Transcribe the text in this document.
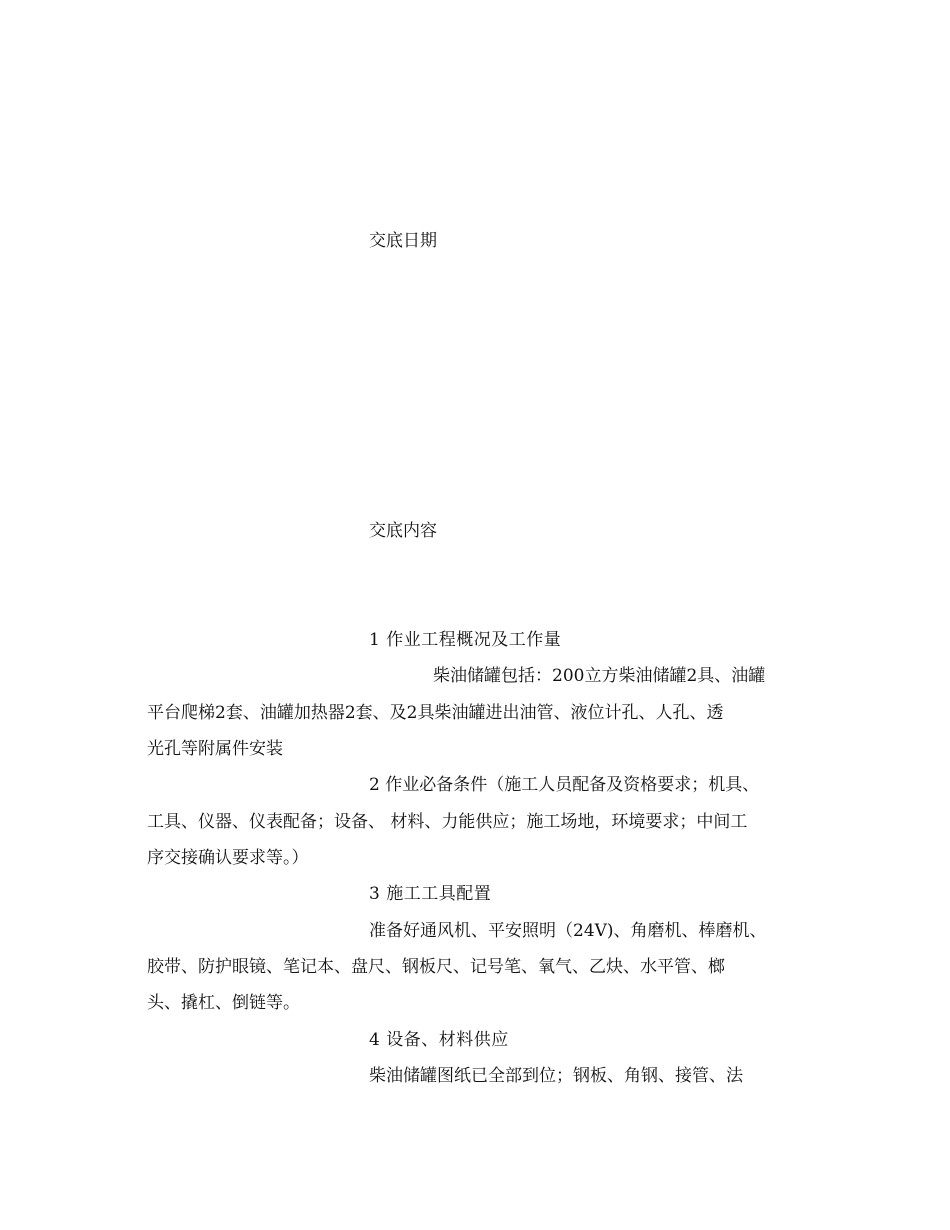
交底日期
交底内容
1 作业工程概况及工作量
柴油储罐包括：200立方柴油储罐2具、油罐
平台爬梯2套、油罐加热器2套、及2具柴油罐进出油管、液位计孔、人孔、透
光孔等附属件安装
2 作业必备条件（施工人员配备及资格要求；机具、
工具、仪器、仪表配备；设备、 材料、力能供应；施工场地，环境要求；中间工
序交接确认要求等。）
3 施工工具配置
准备好通风机、平安照明（24V)、角磨机、棒磨机、
胶带、防护眼镜、笔记本、盘尺、钢板尺、记号笔、氧气、乙炔、水平管、榔
头、撬杠、倒链等。
4 设备、材料供应
柴油储罐图纸已全部到位；钢板、角钢、接管、法
